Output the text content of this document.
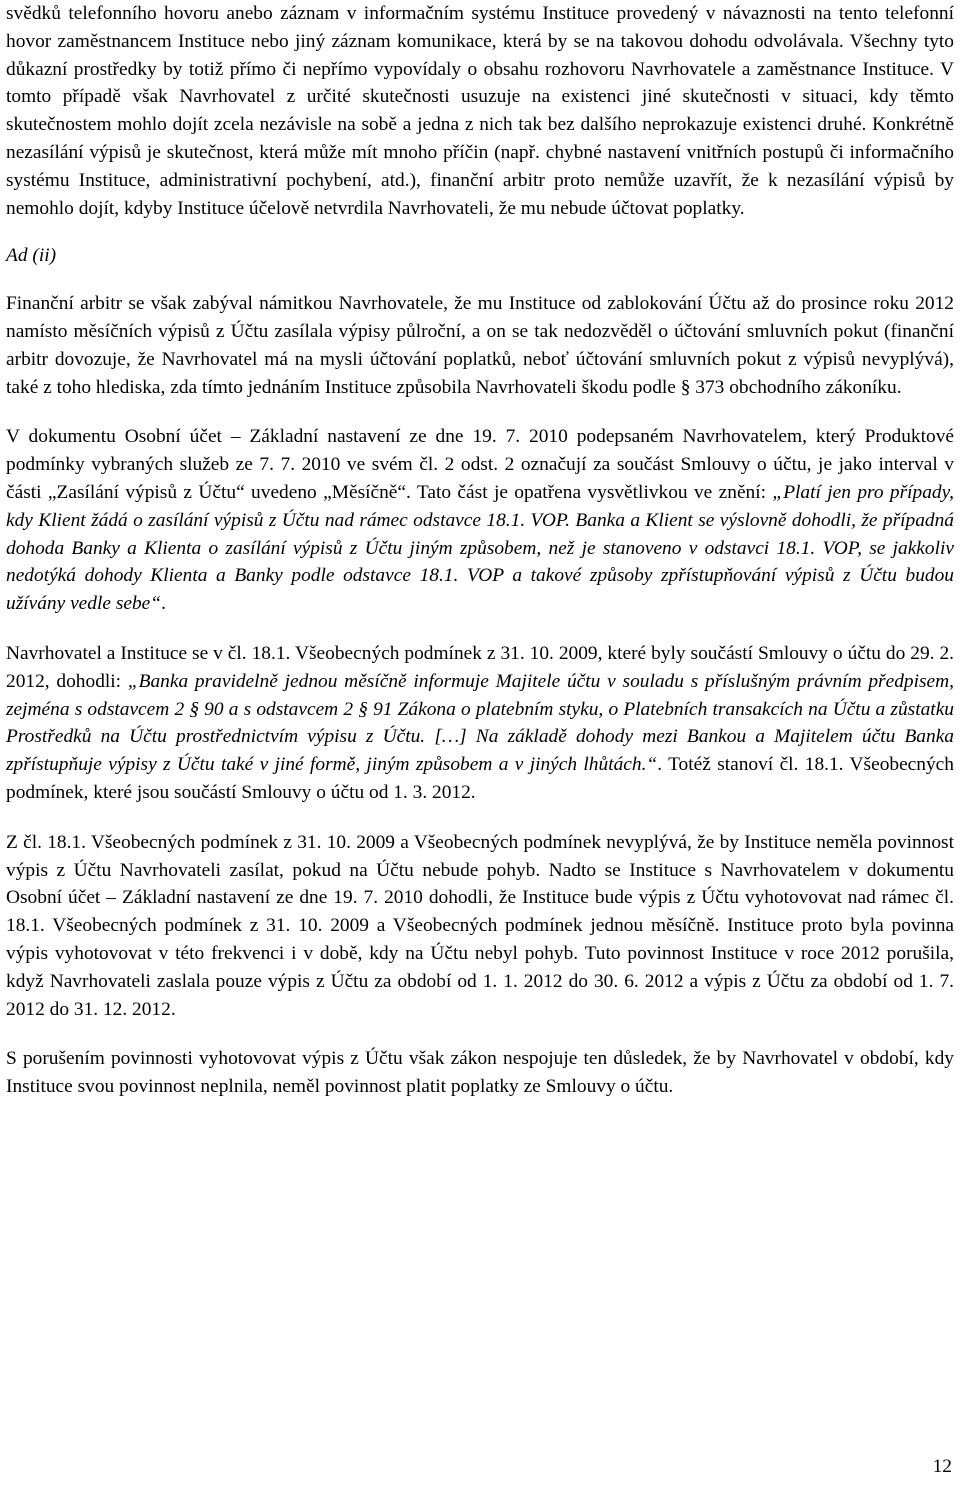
svědků telefonního hovoru anebo záznam v informačním systému Instituce provedený v návaznosti na tento telefonní hovor zaměstnancem Instituce nebo jiný záznam komunikace, která by se na takovou dohodu odvolávala. Všechny tyto důkazní prostředky by totiž přímo či nepřímo vypovídaly o obsahu rozhovoru Navrhovatele a zaměstnance Instituce. V tomto případě však Navrhovatel z určité skutečnosti usuzuje na existenci jiné skutečnosti v situaci, kdy těmto skutečnostem mohlo dojít zcela nezávisle na sobě a jedna z nich tak bez dalšího neprokazuje existenci druhé. Konkrétně nezasílání výpisů je skutečnost, která může mít mnoho příčin (např. chybné nastavení vnitřních postupů či informačního systému Instituce, administrativní pochybení, atd.), finanční arbitr proto nemůže uzavřít, že k nezasílání výpisů by nemohlo dojít, kdyby Instituce účelově netvrdila Navrhovateli, že mu nebude účtovat poplatky.

Ad (ii)

Finanční arbitr se však zabýval námitkou Navrhovatele, že mu Instituce od zablokování Účtu až do prosince roku 2012 namísto měsíčních výpisů z Účtu zasílala výpisy půlroční, a on se tak nedozvěděl o účtování smluvních pokut (finanční arbitr dovozuje, že Navrhovatel má na mysli účtování poplatků, neboť účtování smluvních pokut z výpisů nevyplývá), také z toho hlediska, zda tímto jednáním Instituce způsobila Navrhovateli škodu podle § 373 obchodního zákoníku.

V dokumentu Osobní účet – Základní nastavení ze dne 19. 7. 2010 podepsaném Navrhovatelem, který Produktové podmínky vybraných služeb ze 7. 7. 2010 ve svém čl. 2 odst. 2 označují za součást Smlouvy o účtu, je jako interval v části „Zasílání výpisů z Účtu“ uvedeno „Měsíčně“. Tato část je opatřena vysvětlivkou ve znění: „Platí jen pro případy, kdy Klient žádá o zasílání výpisů z Účtu nad rámec odstavce 18.1. VOP. Banka a Klient se výslovně dohodli, že případná dohoda Banky a Klienta o zasílání výpisů z Účtu jiným způsobem, než je stanoveno v odstavci 18.1. VOP, se jakkoliv nedotýká dohody Klienta a Banky podle odstavce 18.1. VOP a takové způsoby zpřístupňování výpisů z Účtu budou užívány vedle sebe“.

Navrhovatel a Instituce se v čl. 18.1. Všeobecných podmínek z 31. 10. 2009, které byly součástí Smlouvy o účtu do 29. 2. 2012, dohodli: „Banka pravidelně jednou měsíčně informuje Majitele účtu v souladu s příslušným právním předpisem, zejména s odstavcem 2 § 90 a s odstavcem 2 § 91 Zákona o platebním styku, o Platebních transakcích na Účtu a zůstatku Prostředků na Účtu prostřednictvím výpisu z Účtu. […] Na základě dohody mezi Bankou a Majitelem účtu Banka zpřístupňuje výpisy z Účtu také v jiné formě, jiným způsobem a v jiných lhůtách.“. Totéž stanoví čl. 18.1. Všeobecných podmínek, které jsou součástí Smlouvy o účtu od 1. 3. 2012.

Z čl. 18.1. Všeobecných podmínek z 31. 10. 2009 a Všeobecných podmínek nevyplývá, že by Instituce neměla povinnost výpis z Účtu Navrhovateli zasílat, pokud na Účtu nebude pohyb. Nadto se Instituce s Navrhovatelem v dokumentu Osobní účet – Základní nastavení ze dne 19. 7. 2010 dohodli, že Instituce bude výpis z Účtu vyhotovovat nad rámec čl. 18.1. Všeobecných podmínek z 31. 10. 2009 a Všeobecných podmínek jednou měsíčně. Instituce proto byla povinna výpis vyhotovovat v této frekvenci i v době, kdy na Účtu nebyl pohyb. Tuto povinnost Instituce v roce 2012 porušila, když Navrhovateli zaslala pouze výpis z Účtu za období od 1. 1. 2012 do 30. 6. 2012 a výpis z Účtu za období od 1. 7. 2012 do 31. 12. 2012.

S porušením povinnosti vyhotovovat výpis z Účtu však zákon nespojuje ten důsledek, že by Navrhovatel v období, kdy Instituce svou povinnost neplnila, neměl povinnost platit poplatky ze Smlouvy o účtu.

12
